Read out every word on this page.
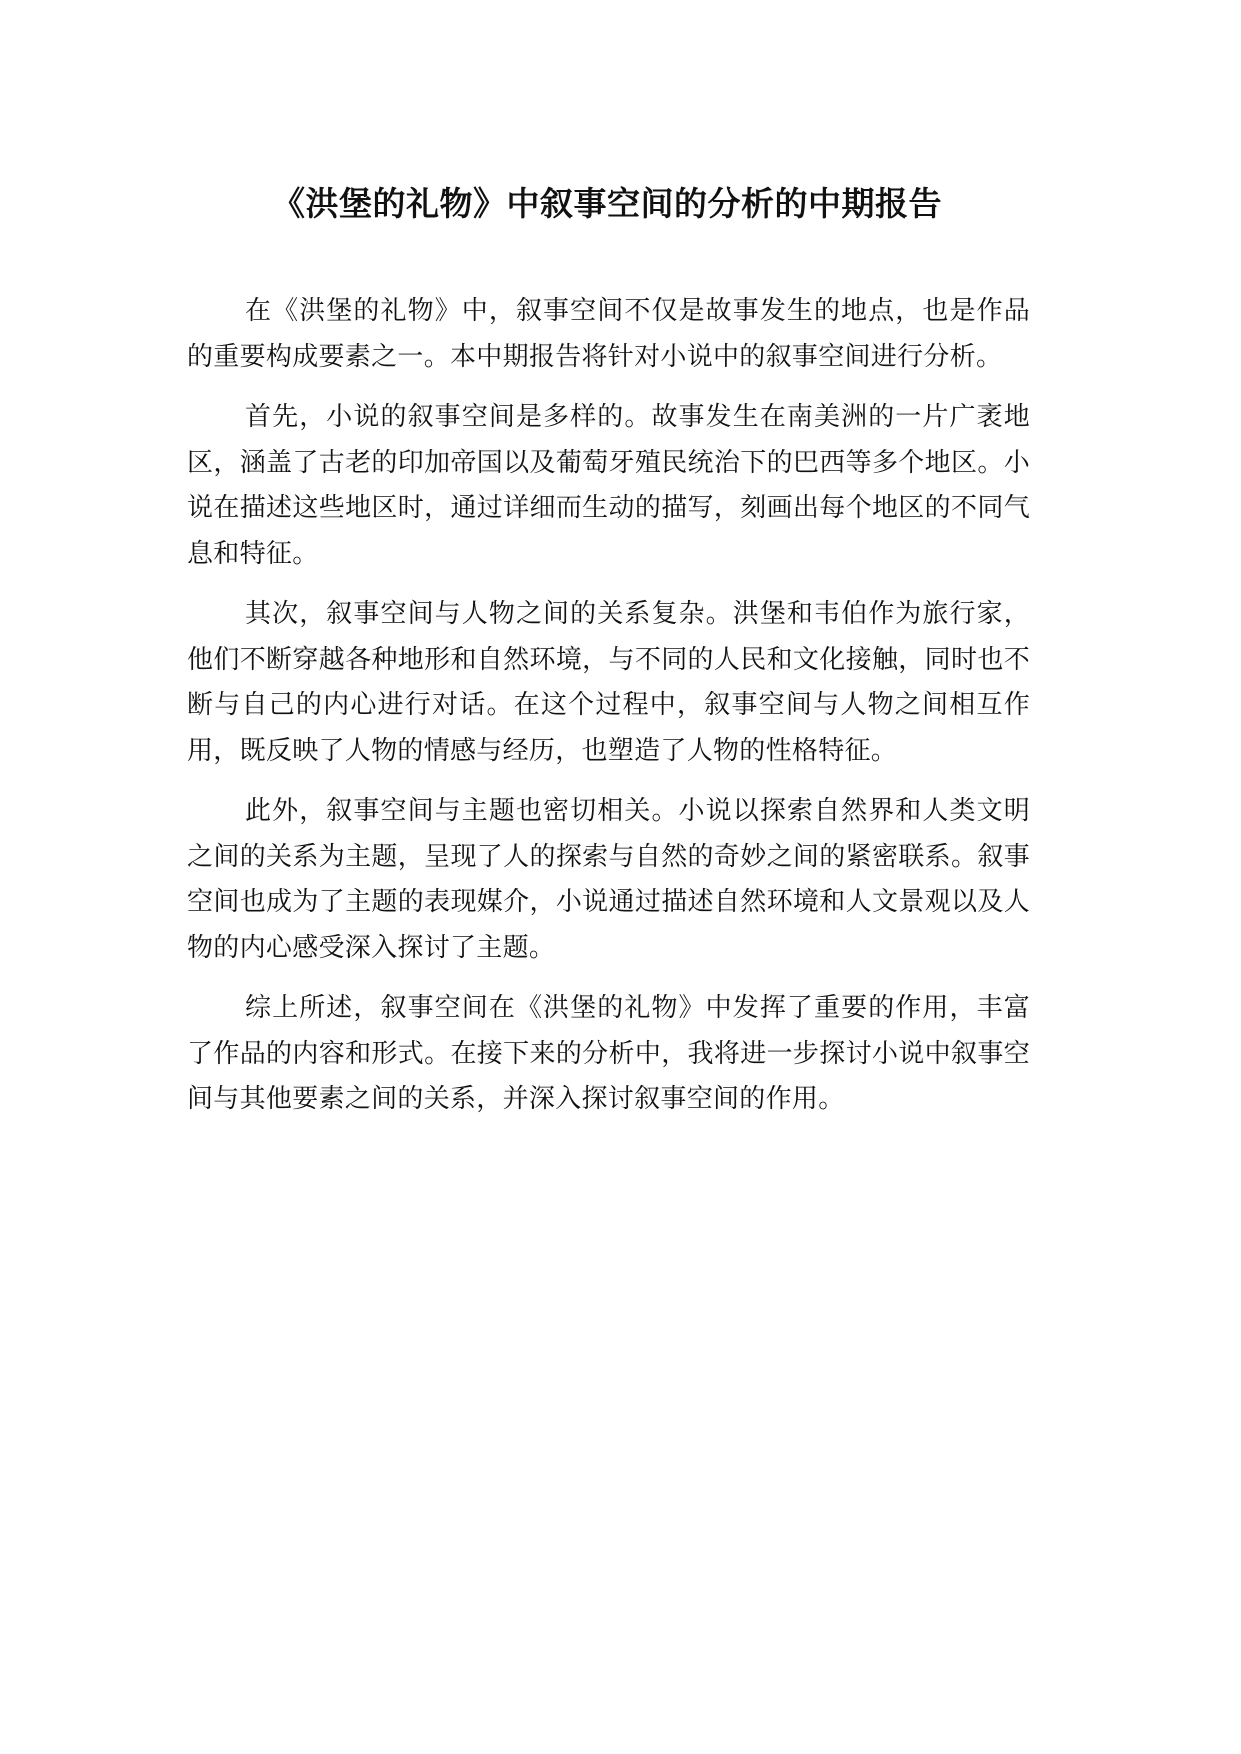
《洪堡的礼物》中叙事空间的分析的中期报告

在《洪堡的礼物》中，叙事空间不仅是故事发生的地点，也是作品的重要构成要素之一。本中期报告将针对小说中的叙事空间进行分析。

首先，小说的叙事空间是多样的。故事发生在南美洲的一片广袤地区，涵盖了古老的印加帝国以及葡萄牙殖民统治下的巴西等多个地区。小说在描述这些地区时，通过详细而生动的描写，刻画出每个地区的不同气息和特征。

其次，叙事空间与人物之间的关系复杂。洪堡和韦伯作为旅行家，他们不断穿越各种地形和自然环境，与不同的人民和文化接触，同时也不断与自己的内心进行对话。在这个过程中，叙事空间与人物之间相互作用，既反映了人物的情感与经历，也塑造了人物的性格特征。

此外，叙事空间与主题也密切相关。小说以探索自然界和人类文明之间的关系为主题，呈现了人的探索与自然的奇妙之间的紧密联系。叙事空间也成为了主题的表现媒介，小说通过描述自然环境和人文景观以及人物的内心感受深入探讨了主题。

综上所述，叙事空间在《洪堡的礼物》中发挥了重要的作用，丰富了作品的内容和形式。在接下来的分析中，我将进一步探讨小说中叙事空间与其他要素之间的关系，并深入探讨叙事空间的作用。
